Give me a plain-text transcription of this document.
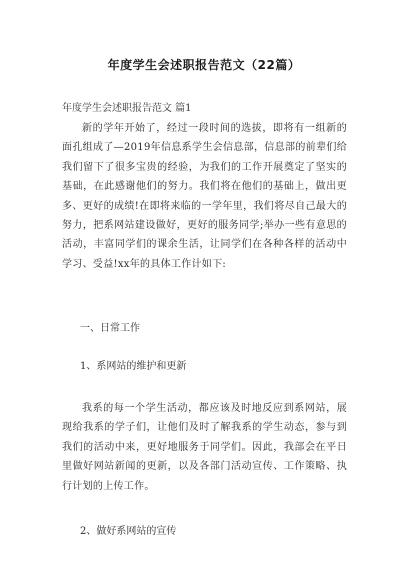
年度学生会述职报告范文（22篇）
年度学生会述职报告范文 篇1

新的学年开始了，经过一段时间的选拔，即将有一组新的面孔组成了—2019年信息系学生会信息部，信息部的前辈们给我们留下了很多宝贵的经验，为我们的工作开展奠定了坚实的基础，在此感谢他们的努力。我们将在他们的基础上，做出更多、更好的成绩!在即将来临的一学年里，我们将尽自己最大的努力，把系网站建设做好，更好的服务同学;举办一些有意思的活动，丰富同学们的课余生活，让同学们在各种各样的活动中学习、受益!xx年的具体工作计如下:

一、日常工作
1、系网站的维护和更新

我系的每一个学生活动，都应该及时地反应到系网站，展现给我系的学子们，让他们及时了解我系的学生动态，参与到我们的活动中来，更好地服务于同学们。因此，我部会在平日里做好网站新闻的更新，以及各部门活动宣传、工作策略、执行计划的上传工作。

2、做好系网站的宣传
